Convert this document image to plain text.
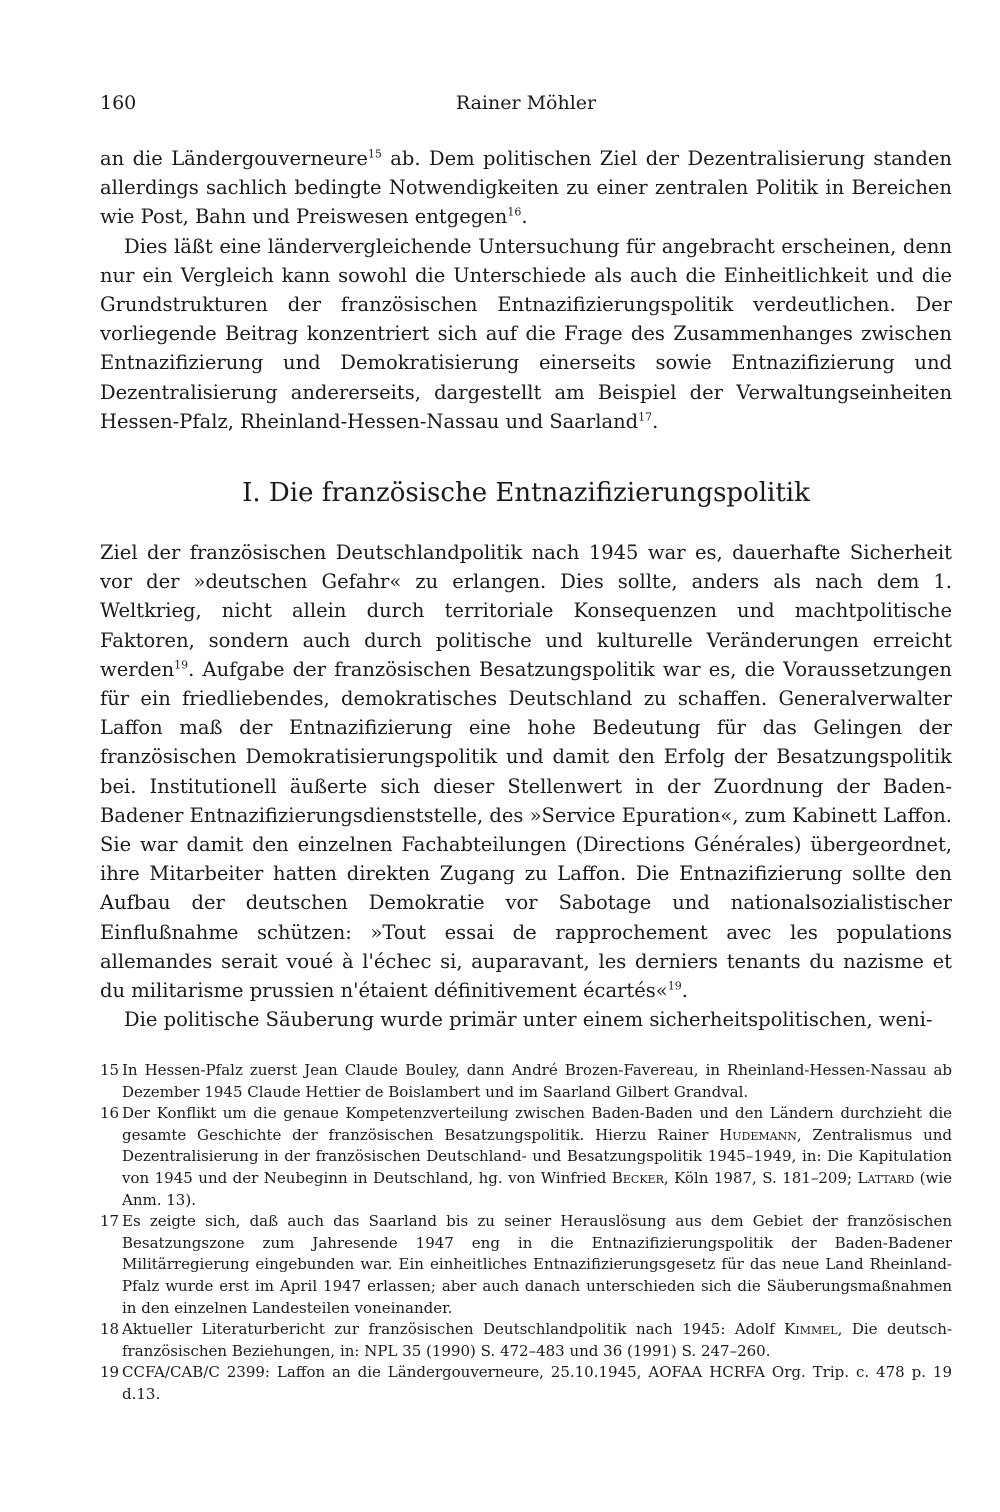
160	Rainer Möhler

an die Ländergouverneure$^{15}$ ab. Dem politischen Ziel der Dezentralisierung standen allerdings sachlich bedingte Notwendigkeiten zu einer zentralen Politik in Bereichen wie Post, Bahn und Preiswesen entgegen$^{16}$.

Dies läßt eine ländervergleichende Untersuchung für angebracht erscheinen, denn nur ein Vergleich kann sowohl die Unterschiede als auch die Einheitlichkeit und die Grundstrukturen der französischen Entnazifizierungspolitik verdeutlichen. Der vorliegende Beitrag konzentriert sich auf die Frage des Zusammenhanges zwischen Entnazifizierung und Demokratisierung einerseits sowie Entnazifizierung und Dezentralisierung andererseits, dargestellt am Beispiel der Verwaltungseinheiten Hessen-Pfalz, Rheinland-Hessen-Nassau und Saarland$^{17}$.

I. Die französische Entnazifizierungspolitik

Ziel der französischen Deutschlandpolitik nach 1945 war es, dauerhafte Sicherheit vor der »deutschen Gefahr« zu erlangen. Dies sollte, anders als nach dem 1. Weltkrieg, nicht allein durch territoriale Konsequenzen und machtpolitische Faktoren, sondern auch durch politische und kulturelle Veränderungen erreicht werden$^{19}$. Aufgabe der französischen Besatzungspolitik war es, die Voraussetzungen für ein friedliebendes, demokratisches Deutschland zu schaffen. Generalverwalter Laffon maß der Entnazifizierung eine hohe Bedeutung für das Gelingen der französischen Demokratisierungspolitik und damit den Erfolg der Besatzungspolitik bei. Institutionell äußerte sich dieser Stellenwert in der Zuordnung der Baden-Badener Entnazifizierungsdienststelle, des »Service Epuration«, zum Kabinett Laffon. Sie war damit den einzelnen Fachabteilungen (Directions Générales) übergeordnet, ihre Mitarbeiter hatten direkten Zugang zu Laffon. Die Entnazifizierung sollte den Aufbau der deutschen Demokratie vor Sabotage und nationalsozialistischer Einflußnahme schützen: »Tout essai de rapprochement avec les populations allemandes serait voué à l'échec si, auparavant, les derniers tenants du nazisme et du militarisme prussien n'étaient définitivement écartés«$^{19}$.

Die politische Säuberung wurde primär unter einem sicherheitspolitischen, weni-

15 In Hessen-Pfalz zuerst Jean Claude Bouley, dann André Brozen-Favereau, in Rheinland-Hessen-Nassau ab Dezember 1945 Claude Hettier de Boislambert und im Saarland Gilbert Grandval.
16 Der Konflikt um die genaue Kompetenzverteilung zwischen Baden-Baden und den Ländern durchzieht die gesamte Geschichte der französischen Besatzungspolitik. Hierzu Rainer Hudemann, Zentralismus und Dezentralisierung in der französischen Deutschland- und Besatzungspolitik 1945–1949, in: Die Kapitulation von 1945 und der Neubeginn in Deutschland, hg. von Winfried Becker, Köln 1987, S. 181–209; Lattard (wie Anm. 13).
17 Es zeigte sich, daß auch das Saarland bis zu seiner Herauslösung aus dem Gebiet der französischen Besatzungszone zum Jahresende 1947 eng in die Entnazifizierungspolitik der Baden-Badener Militärregierung eingebunden war. Ein einheitliches Entnazifizierungsgesetz für das neue Land Rheinland-Pfalz wurde erst im April 1947 erlassen; aber auch danach unterschieden sich die Säuberungsmaßnahmen in den einzelnen Landesteilen voneinander.
18 Aktueller Literaturbericht zur französischen Deutschlandpolitik nach 1945: Adolf Kimmel, Die deutsch-französischen Beziehungen, in: NPL 35 (1990) S. 472–483 und 36 (1991) S. 247–260.
19 CCFA/CAB/C 2399: Laffon an die Ländergouverneure, 25.10.1945, AOFAA HCRFA Org. Trip. c. 478 p. 19 d.13.
